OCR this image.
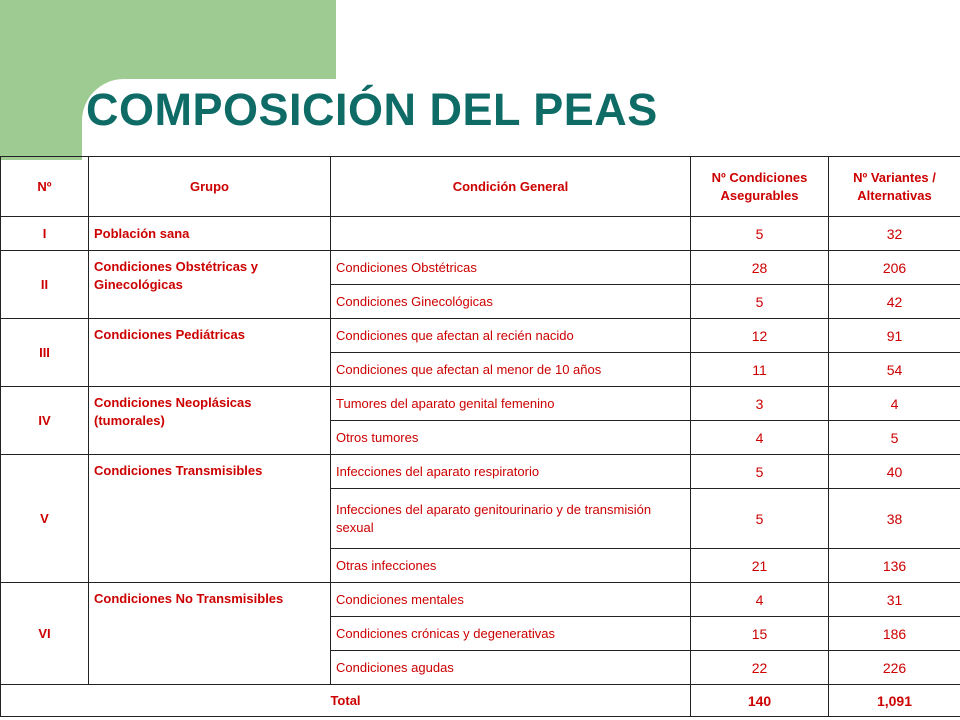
COMPOSICIÓN DEL PEAS
Nº	Grupo	Condición General	Nº Condiciones Asegurables	Nº Variantes / Alternativas
I	Población sana		5	32
II	Condiciones Obstétricas y Ginecológicas	Condiciones Obstétricas	28	206
		Condiciones Ginecológicas	5	42
III	Condiciones Pediátricas	Condiciones que afectan al recién nacido	12	91
		Condiciones que afectan al menor de 10 años	11	54
IV	Condiciones Neoplásicas (tumorales)	Tumores del aparato genital femenino	3	4
		Otros tumores	4	5
V	Condiciones Transmisibles	Infecciones del aparato respiratorio	5	40
		Infecciones del aparato genitourinario y de transmisión sexual	5	38
		Otras infecciones	21	136
VI	Condiciones No Transmisibles	Condiciones mentales	4	31
		Condiciones crónicas y degenerativas	15	186
		Condiciones agudas	22	226
Total			140	1,091
